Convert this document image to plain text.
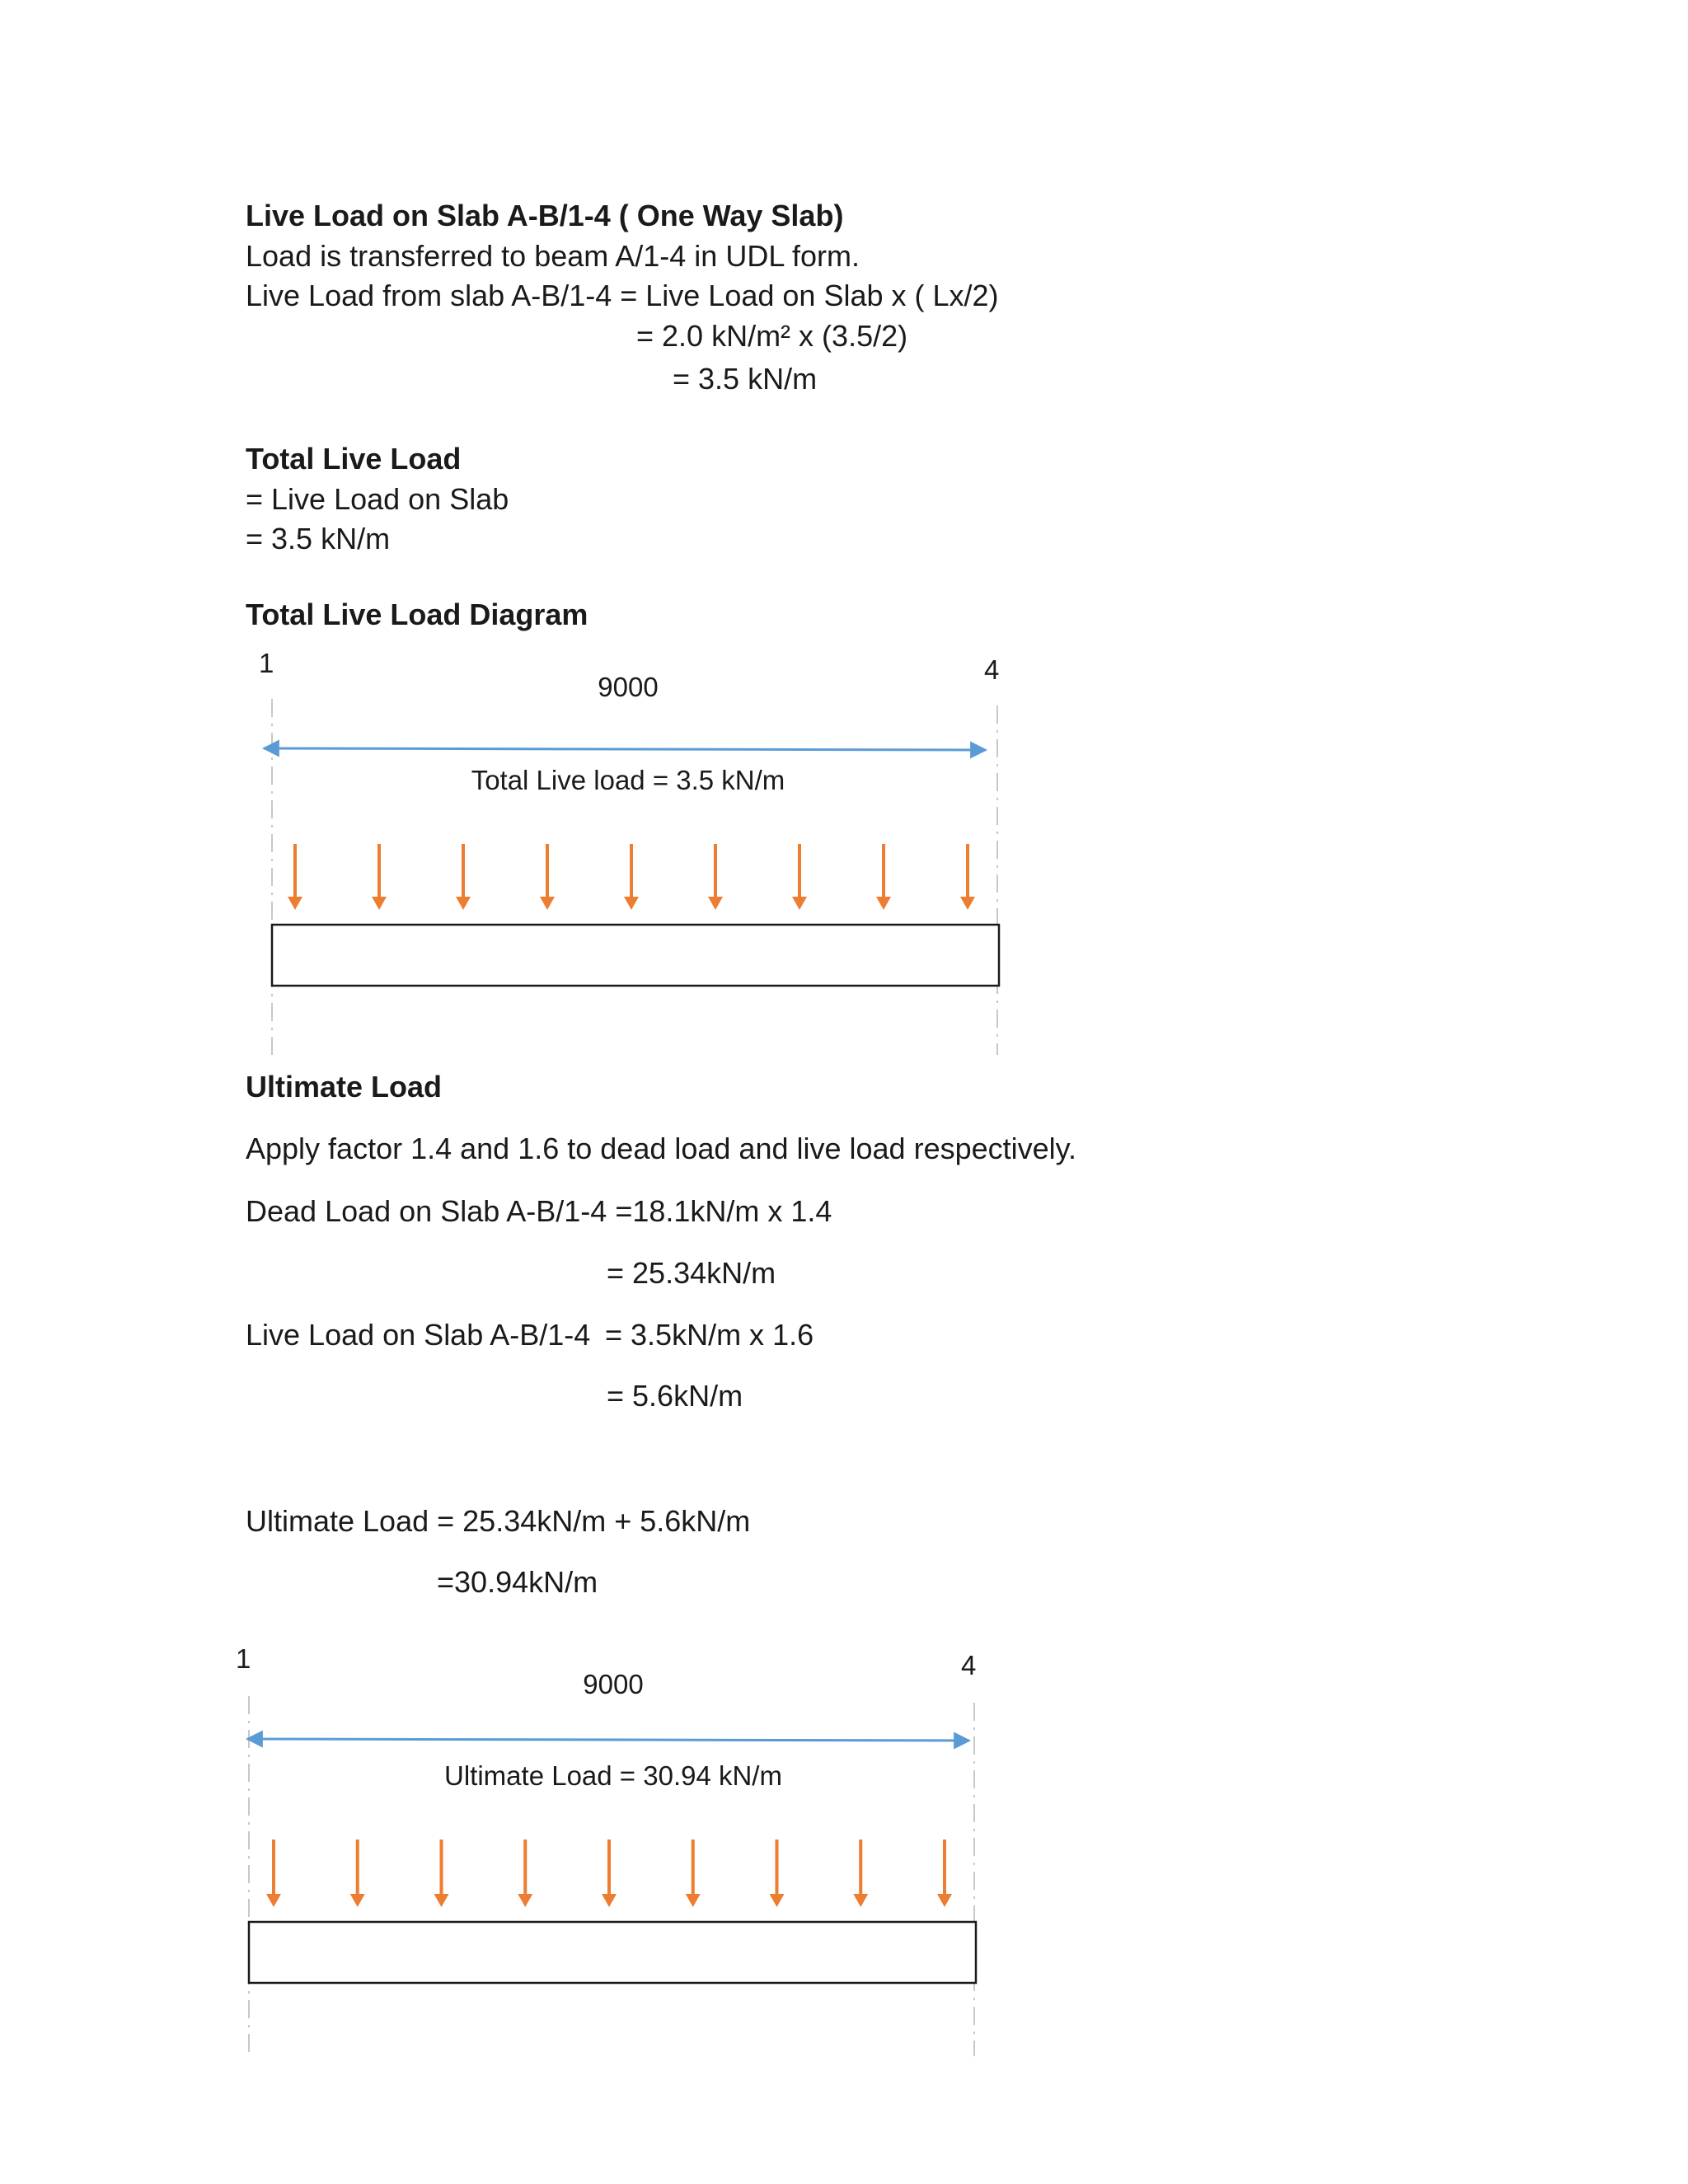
Live Load on Slab A-B/1-4 ( One Way Slab)
Load is transferred to beam A/1-4 in UDL form.
Live Load from slab A-B/1-4 = Live Load on Slab x ( Lx/2)
= 2.0 kN/m² x (3.5/2)
= 3.5 kN/m
Total Live Load
= Live Load on Slab
= 3.5 kN/m
Total Live Load Diagram
1	4
9000
Total Live load = 3.5 kN/m
1	4
9000
Ultimate Load = 30.94 kN/m
Ultimate Load
Apply factor 1.4 and 1.6 to dead load and live load respectively.
Dead Load on Slab A-B/1-4 =18.1kN/m x 1.4
= 25.34kN/m
Live Load on Slab A-B/1-4 = 3.5kN/m x 1.6
= 5.6kN/m
Ultimate Load = 25.34kN/m + 5.6kN/m
=30.94kN/m
